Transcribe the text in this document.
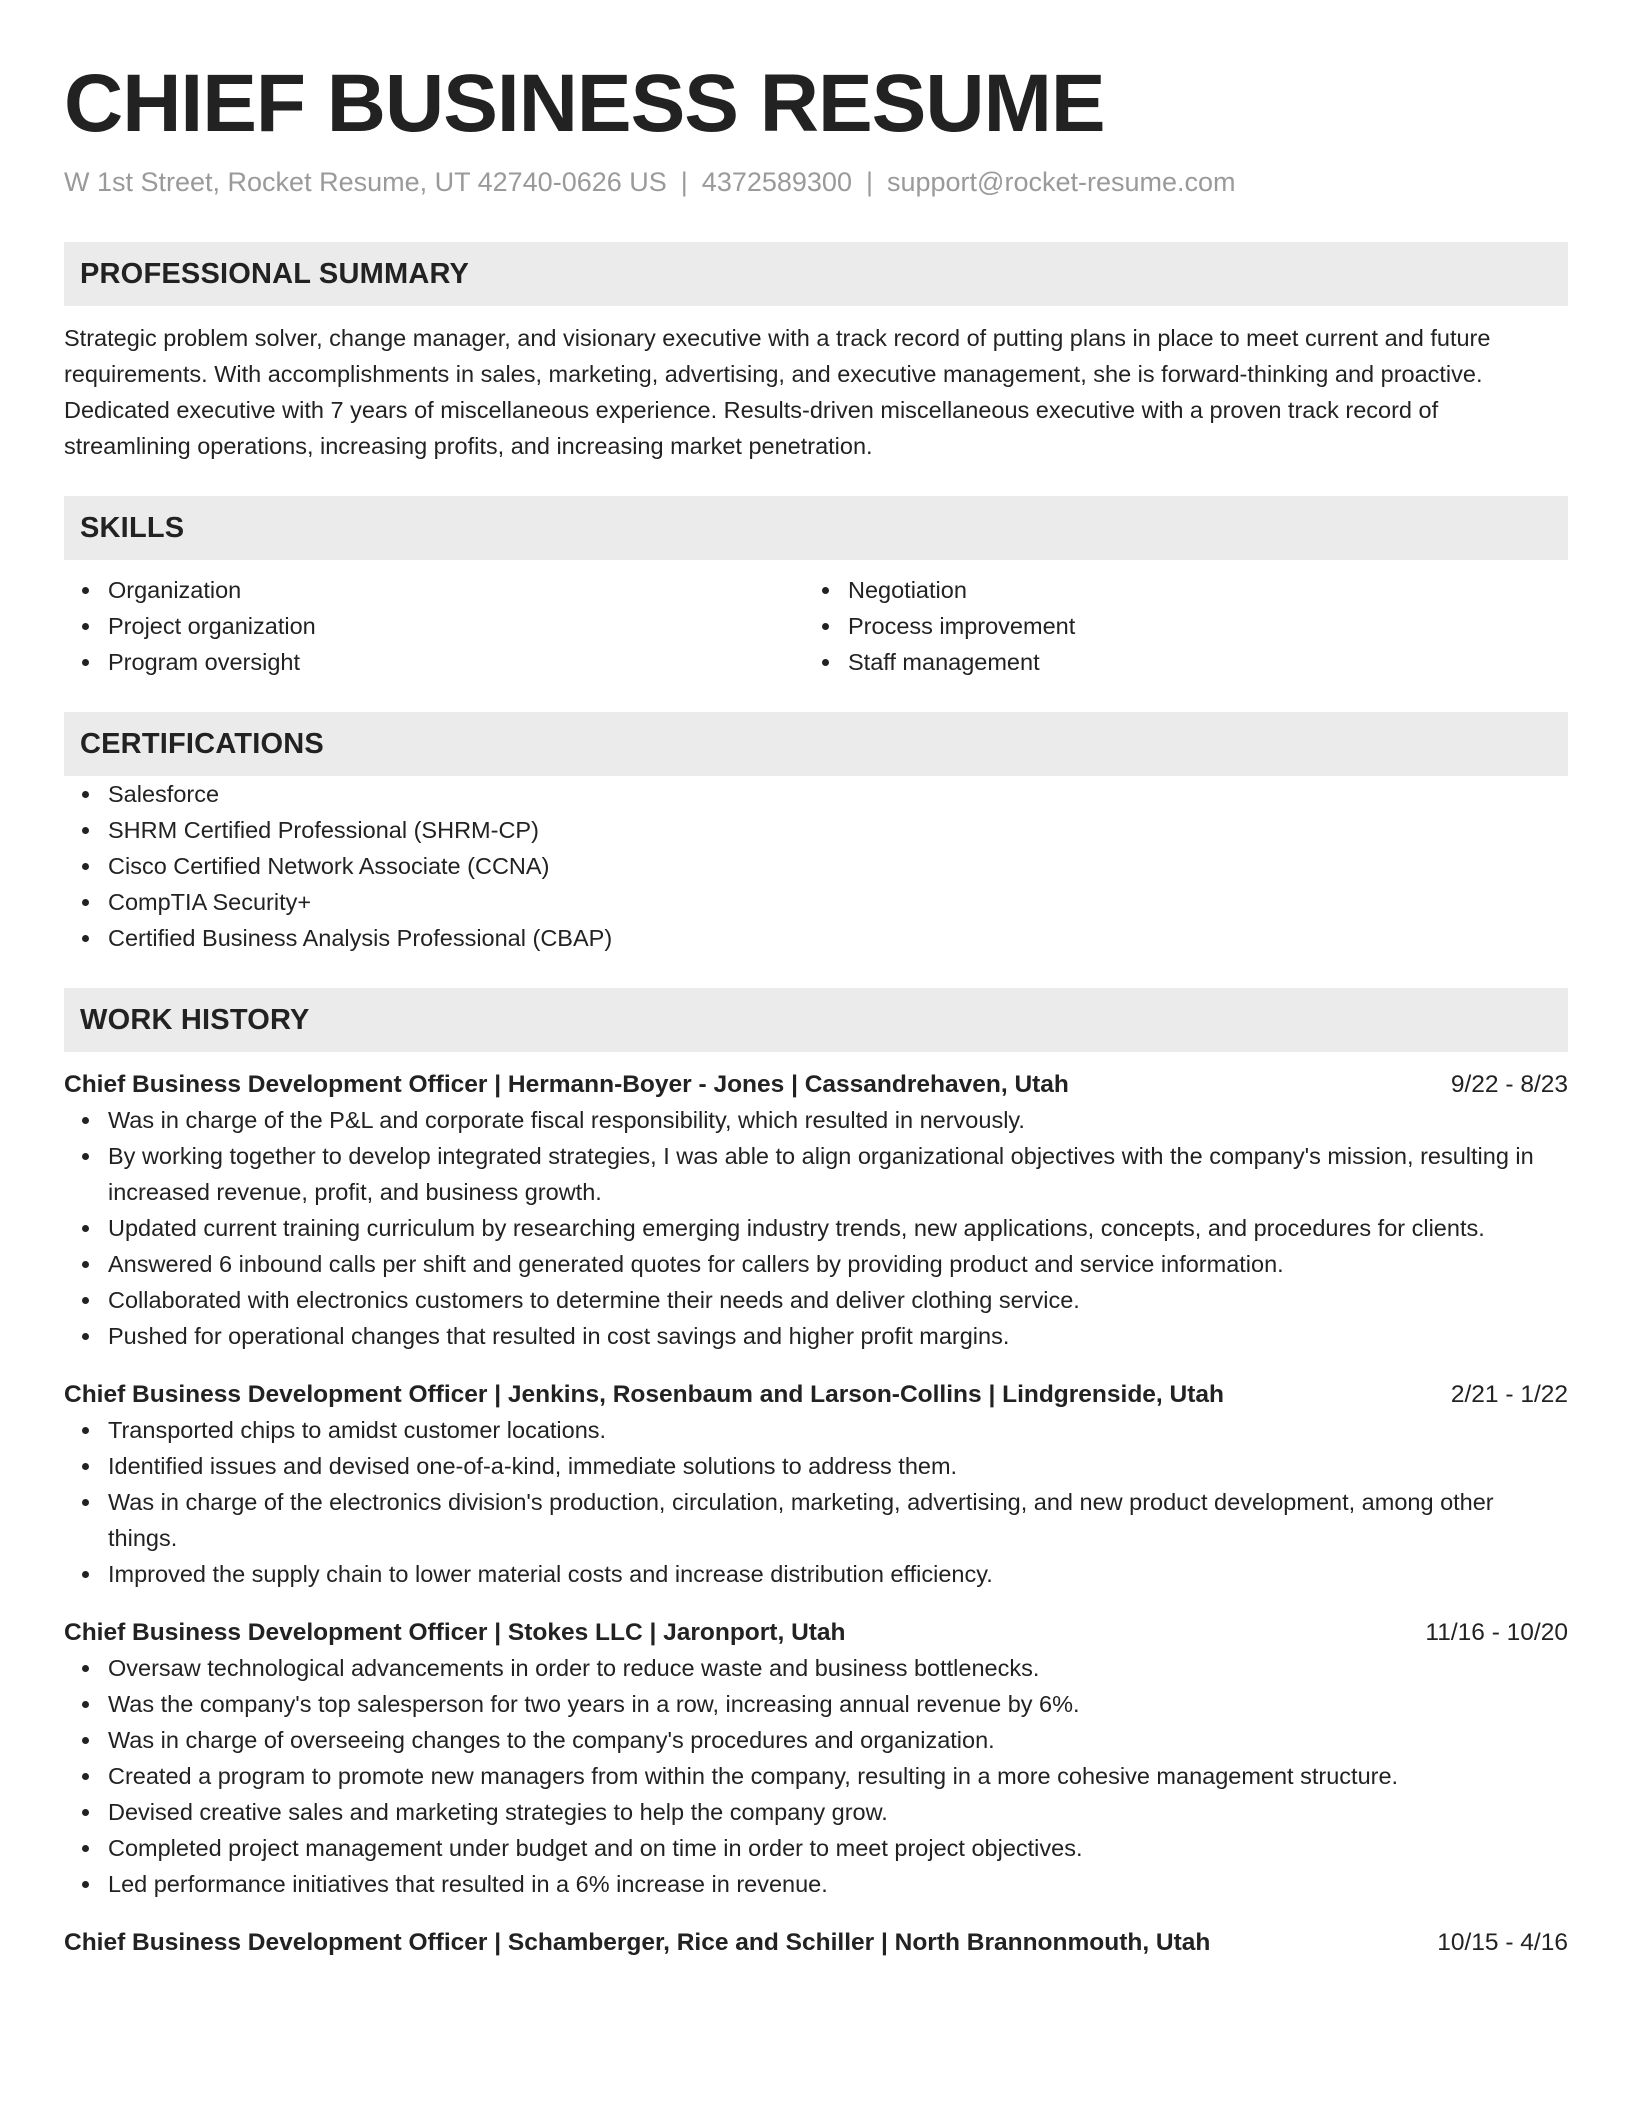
CHIEF BUSINESS RESUME
W 1st Street, Rocket Resume, UT 42740-0626 US | 4372589300 | support@rocket-resume.com
PROFESSIONAL SUMMARY

Strategic problem solver, change manager, and visionary executive with a track record of putting plans in place to meet current and future requirements. With accomplishments in sales, marketing, advertising, and executive management, she is forward-thinking and proactive. Dedicated executive with 7 years of miscellaneous experience. Results-driven miscellaneous executive with a proven track record of streamlining operations, increasing profits, and increasing market penetration.

SKILLS
Organization
Project organization
Program oversight
Negotiation
Process improvement
Staff management
CERTIFICATIONS
Salesforce
SHRM Certified Professional (SHRM-CP)
Cisco Certified Network Associate (CCNA)
CompTIA Security+
Certified Business Analysis Professional (CBAP)
WORK HISTORY
Chief Business Development Officer | Hermann-Boyer - Jones | Cassandrehaven, Utah	9/22 - 8/23
Was in charge of the P&L and corporate fiscal responsibility, which resulted in nervously.
By working together to develop integrated strategies, I was able to align organizational objectives with the company's mission, resulting in increased revenue, profit, and business growth.
Updated current training curriculum by researching emerging industry trends, new applications, concepts, and procedures for clients.
Answered 6 inbound calls per shift and generated quotes for callers by providing product and service information.
Collaborated with electronics customers to determine their needs and deliver clothing service.
Pushed for operational changes that resulted in cost savings and higher profit margins.
Chief Business Development Officer | Jenkins, Rosenbaum and Larson-Collins | Lindgrenside, Utah	2/21 - 1/22
Transported chips to amidst customer locations.
Identified issues and devised one-of-a-kind, immediate solutions to address them.
Was in charge of the electronics division's production, circulation, marketing, advertising, and new product development, among other things.
Improved the supply chain to lower material costs and increase distribution efficiency.
Chief Business Development Officer | Stokes LLC | Jaronport, Utah	11/16 - 10/20
Oversaw technological advancements in order to reduce waste and business bottlenecks.
Was the company's top salesperson for two years in a row, increasing annual revenue by 6%.
Was in charge of overseeing changes to the company's procedures and organization.
Created a program to promote new managers from within the company, resulting in a more cohesive management structure.
Devised creative sales and marketing strategies to help the company grow.
Completed project management under budget and on time in order to meet project objectives.
Led performance initiatives that resulted in a 6% increase in revenue.
Chief Business Development Officer | Schamberger, Rice and Schiller | North Brannonmouth, Utah	10/15 - 4/16
